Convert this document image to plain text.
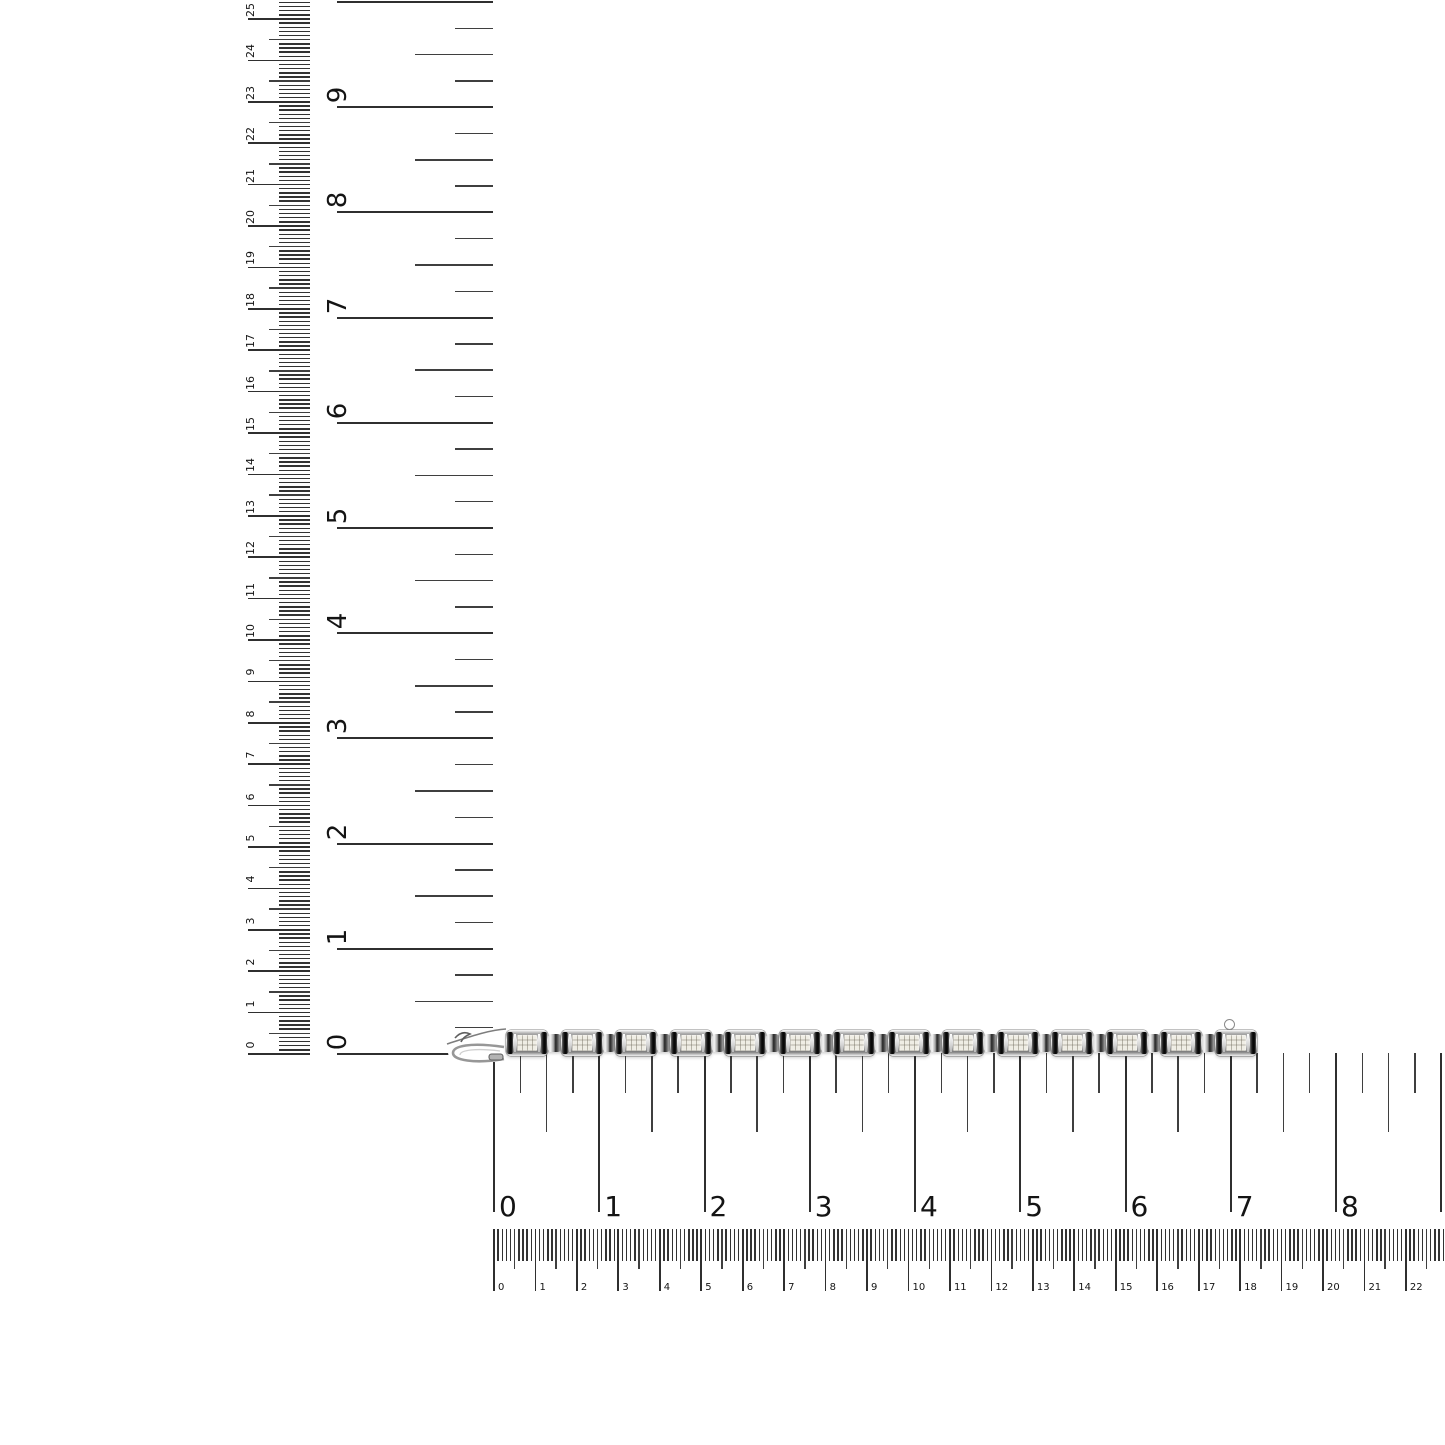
0
1
2
3
4
5
6
7
8
9
10
11
12
13
14
15
16
17
18
19
20
21
22
23
24
25
0
1
2
3
4
5
6
7
8
9
0	1	2	3	4	5	6	7	8
0	1	2	3	4	5	6	7	8	9	10	11	12	13	14	15	16	17	18	19	20	21	22
